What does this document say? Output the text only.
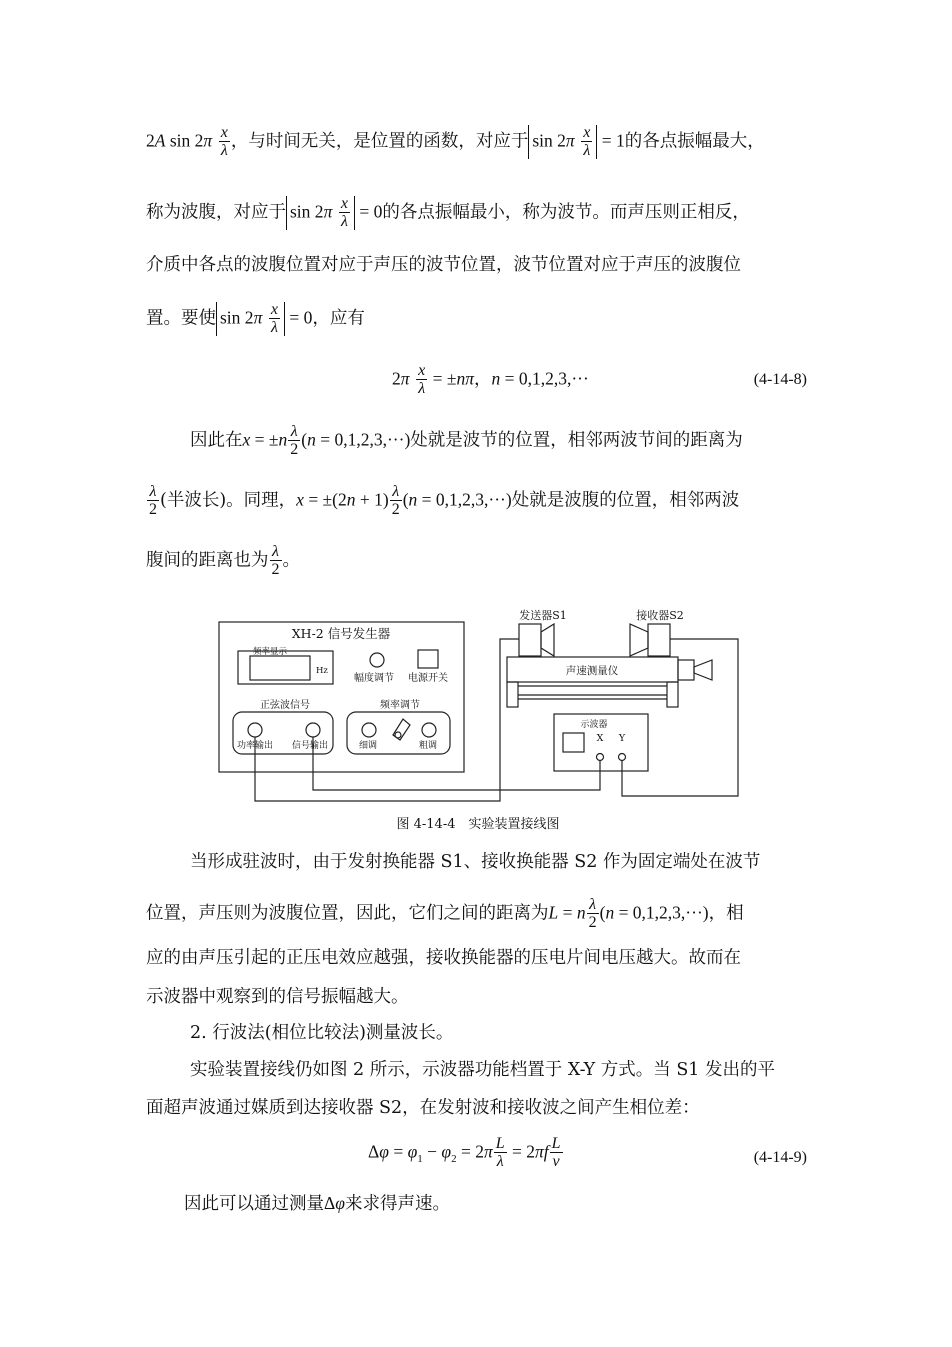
2A $\sin 2\pi \frac{x}{\lambda}$ ，与时间无关，是位置的函数，对应于 $\sin 2\pi \frac{x}{\lambda} = 1$的各点振幅最大，
称为波腹，对应于 $\sin 2\pi \frac{x}{\lambda} = 0$的各点振幅最小，称为波节。而声压则正相反，
介质中各点的波腹位置对应于声压的波节位置，波节位置对应于声压的波腹位
置。要使 $\sin 2\pi \frac{x}{\lambda} = 0$，应有
$2\pi \frac{x}{\lambda} = \pm n\pi$，n = 0,1,2,3,···	(4-14-8)
因此在$x = \pm n \frac{\lambda}{2} (n = 0,1,2,3,\cdot\cdot\cdot)$处就是波节的位置，相邻两波节间的距离为
$\frac{\lambda}{2}$ (半波长)。同理，$x = \pm(2n + 1) \frac{\lambda}{2} (n = 0,1,2,3,\cdot\cdot\cdot)$处就是波腹的位置，相邻两波
腹间的距离也为 $\frac{\lambda}{2}$ 。
XH-2 信号发生器
频率显示
Hz
幅度调节 电源开关
正弦波信号	频率调节
功率输出 信号输出	细调	粗调
发送器S1	接收器S2
声速测量仪
示波器
X Y
图 4-14-4　实验装置接线图
当形成驻波时，由于发射换能器 S1、接收换能器 S2 作为固定端处在波节
位置，声压则为波腹位置，因此，它们之间的距离为L = n $\frac{\lambda}{2} (n = 0,1,2,3,\cdot\cdot\cdot)$，相
应的由声压引起的正压电效应越强，接收换能器的压电片间电压越大。故而在
示波器中观察到的信号振幅越大。
2. 行波法(相位比较法)测量波长。
实验装置接线仍如图 2 所示，示波器功能档置于 X-Y 方式。当 S1 发出的平
面超声波通过媒质到达接收器 S2，在发射波和接收波之间产生相位差：
$\Delta\varphi = \varphi_1 - \varphi_2 = 2\pi \frac{L}{\lambda} = 2\pi f \frac{L}{v}$	(4-14-9)
因此可以通过测量Δφ来求得声速。
